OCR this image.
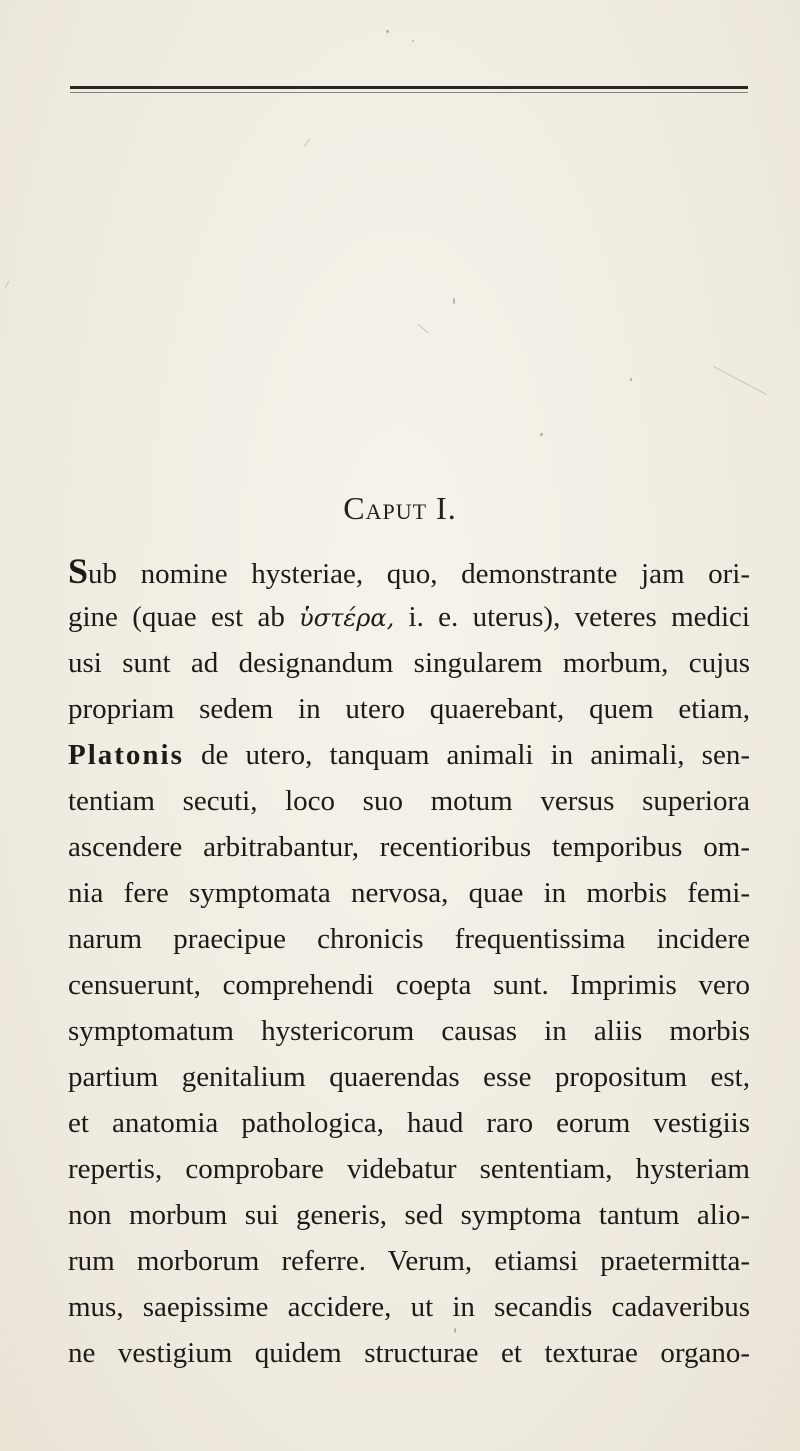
Caput I.
Sub nomine hysteriae, quo, demonstrante jam ori-
gine (quae est ab ὑστέρα, i. e. uterus), veteres medici
usi sunt ad designandum singularem morbum, cujus
propriam sedem in utero quaerebant, quem etiam,
Platonis de utero, tanquam animali in animali, sen-
tentiam secuti, loco suo motum versus superiora
ascendere arbitrabantur, recentioribus temporibus om-
nia fere symptomata nervosa, quae in morbis femi-
narum praecipue chronicis frequentissima incidere
censuerunt, comprehendi coepta sunt. Imprimis vero
symptomatum hystericorum causas in aliis morbis
partium genitalium quaerendas esse propositum est,
et anatomia pathologica, haud raro eorum vestigiis
repertis, comprobare videbatur sententiam, hysteriam
non morbum sui generis, sed symptoma tantum alio-
rum morborum referre. Verum, etiamsi praetermitta-
mus, saepissime accidere, ut in secandis cadaveribus
ne vestigium quidem structurae et texturae organo-
